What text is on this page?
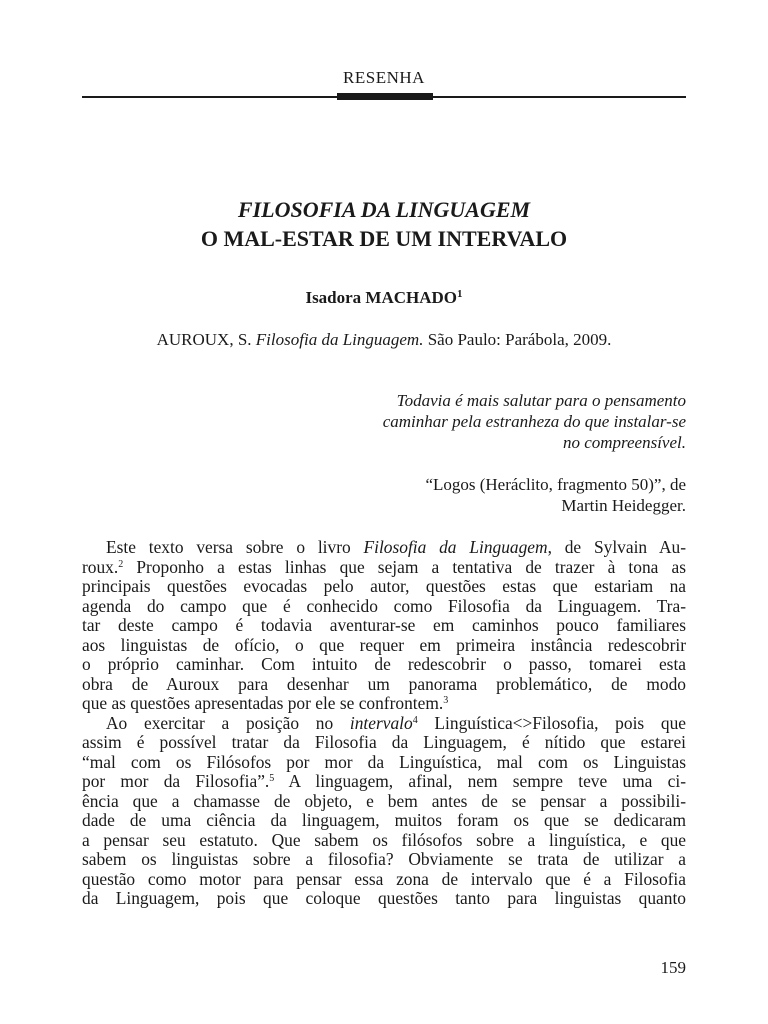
RESENHA
FILOSOFIA DA LINGUAGEM
O MAL-ESTAR DE UM INTERVALO
Isadora MACHADO$^1$
AUROUX, S. Filosofia da Linguagem. São Paulo: Parábola, 2009.
Todavia é mais salutar para o pensamento
caminhar pela estranheza do que instalar-se
no compreensível.
“Logos (Heráclito, fragmento 50)”, de
Martin Heidegger.
Este texto versa sobre o livro Filosofia da Linguagem, de Sylvain Au-
roux.$^2$ Proponho a estas linhas que sejam a tentativa de trazer à tona as
principais questões evocadas pelo autor, questões estas que estariam na
agenda do campo que é conhecido como Filosofia da Linguagem. Tra-
tar deste campo é todavia aventurar-se em caminhos pouco familiares
aos linguistas de ofício, o que requer em primeira instância redescobrir
o próprio caminhar. Com intuito de redescobrir o passo, tomarei esta
obra de Auroux para desenhar um panorama problemático, de modo
que as questões apresentadas por ele se confrontem.$^3$
Ao exercitar a posição no intervalo$^4$ Linguística<>Filosofia, pois que
assim é possível tratar da Filosofia da Linguagem, é nítido que estarei
“mal com os Filósofos por mor da Linguística, mal com os Linguistas
por mor da Filosofia”.$^5$ A linguagem, afinal, nem sempre teve uma ci-
ência que a chamasse de objeto, e bem antes de se pensar a possibili-
dade de uma ciência da linguagem, muitos foram os que se dedicaram
a pensar seu estatuto. Que sabem os filósofos sobre a linguística, e que
sabem os linguistas sobre a filosofia? Obviamente se trata de utilizar a
questão como motor para pensar essa zona de intervalo que é a Filosofia
da Linguagem, pois que coloque questões tanto para linguistas quanto
159
